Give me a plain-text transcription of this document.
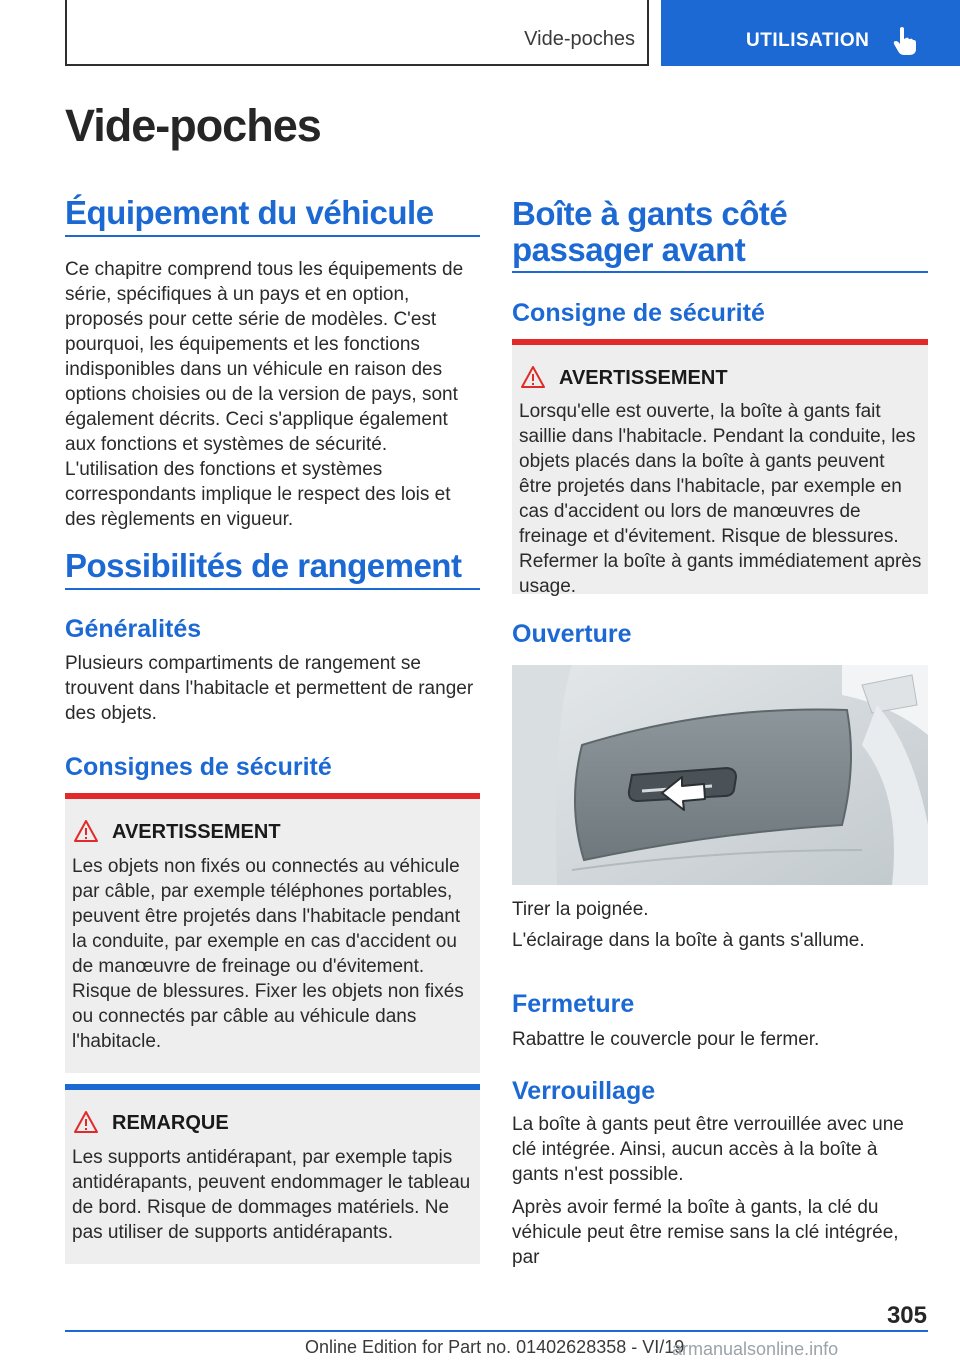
Vide-poches	UTILISATION
Vide-poches
Équipement du véhicule
Ce chapitre comprend tous les équipements de série, spécifiques à un pays et en option, proposés pour cette série de modèles. C'est pourquoi, les équipements et les fonctions indisponibles dans un véhicule en raison des options choisies ou de la version de pays, sont également décrits. Ceci s'applique également aux fonctions et systèmes de sécurité. L'utilisation des fonctions et systèmes correspondants implique le respect des lois et des règlements en vigueur.
Possibilités de rangement
Généralités
Plusieurs compartiments de rangement se trouvent dans l'habitacle et permettent de ranger des objets.
Consignes de sécurité
AVERTISSEMENT
Les objets non fixés ou connectés au véhicule par câble, par exemple téléphones portables, peuvent être projetés dans l'habitacle pendant la conduite, par exemple en cas d'accident ou de manœuvre de freinage ou d'évitement. Risque de blessures. Fixer les objets non fixés ou connectés par câble au véhicule dans l'habitacle.
REMARQUE
Les supports antidérapant, par exemple tapis antidérapants, peuvent endommager le tableau de bord. Risque de dommages matériels. Ne pas utiliser de supports antidérapants.
Boîte à gants côté passager avant
Consigne de sécurité
AVERTISSEMENT
Lorsqu'elle est ouverte, la boîte à gants fait saillie dans l'habitacle. Pendant la conduite, les objets placés dans la boîte à gants peuvent être projetés dans l'habitacle, par exemple en cas d'accident ou lors de manœuvres de freinage et d'évitement. Risque de blessures. Refermer la boîte à gants immédiatement après usage.
Ouverture
Tirer la poignée.
L'éclairage dans la boîte à gants s'allume.
Fermeture
Rabattre le couvercle pour le fermer.
Verrouillage
La boîte à gants peut être verrouillée avec une clé intégrée. Ainsi, aucun accès à la boîte à gants n'est possible.
Après avoir fermé la boîte à gants, la clé du véhicule peut être remise sans la clé intégrée, par
305
Online Edition for Part no. 01402628358 - VI/19
armanualsonline.info
